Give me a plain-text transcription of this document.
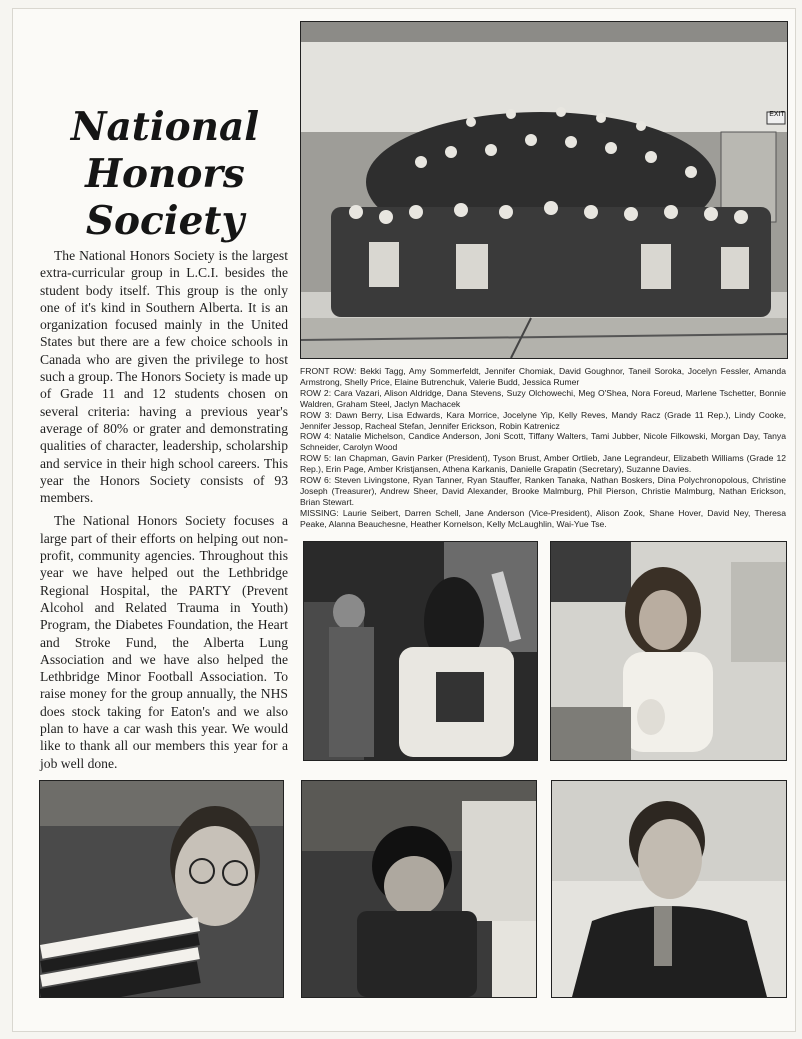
National
Honors
Society

The National Honors Society is the largest extra-curricular group in L.C.I. besides the student body itself. This group is the only one of it's kind in Southern Alberta. It is an organization focused mainly in the United States but there are a few choice schools in Canada who are given the privilege to host such a group. The Honors Society is made up of Grade 11 and 12 students chosen on several criteria: having a previous year's average of 80% or grater and demonstrating qualities of character, leadership, scholarship and service in their high school careers. This year the Honors Society consists of 93 members.

The National Honors Society focuses a large part of their efforts on helping out non-profit, community agencies. Throughout this year we have helped out the Lethbridge Regional Hospital, the PARTY (Prevent Alcohol and Related Trauma in Youth) Program, the Diabetes Foundation, the Heart and Stroke Fund, the Alberta Lung Association and we have also helped the Lethbridge Minor Football Association. To raise money for the group annually, the NHS does stock taking for Eaton's and we also plan to have a car wash this year. We would like to thank all our members this year for a job well done.

EXIT
FRONT ROW: Bekki Tagg, Amy Sommerfeldt, Jennifer Chomiak, David Goughnor, Taneil Soroka, Jocelyn Fessler, Amanda Armstrong, Shelly Price, Elaine Butrenchuk, Valerie Budd, Jessica Rumer
ROW 2: Cara Vazari, Alison Aldridge, Dana Stevens, Suzy Olchowechi, Meg O'Shea, Nora Foreud, Marlene Tschetter, Bonnie Waldren, Graham Steel, Jaclyn Machacek
ROW 3: Dawn Berry, Lisa Edwards, Kara Morrice, Jocelyne Yip, Kelly Reves, Mandy Racz (Grade 11 Rep.), Lindy Cooke, Jennifer Jessop, Racheal Stefan, Jennifer Erickson, Robin Katrenicz
ROW 4: Natalie Michelson, Candice Anderson, Joni Scott, Tiffany Walters, Tami Jubber, Nicole Filkowski, Morgan Day, Tanya Schneider, Carolyn Wood
ROW 5: Ian Chapman, Gavin Parker (President), Tyson Brust, Amber Ortlieb, Jane Legrandeur, Elizabeth Williams (Grade 12 Rep.), Erin Page, Amber Kristjansen, Athena Karkanis, Danielle Grapatin (Secretary), Suzanne Davies.
ROW 6: Steven Livingstone, Ryan Tanner, Ryan Stauffer, Ranken Tanaka, Nathan Boskers, Dina Polychronopolous, Christine Joseph (Treasurer), Andrew Sheer, David Alexander, Brooke Malmburg, Phil Pierson, Christie Malmburg, Nathan Erickson, Brian Stewart.
MISSING: Laurie Seibert, Darren Schell, Jane Anderson (Vice-President), Alison Zook, Shane Hover, David Ney, Theresa Peake, Alanna Beauchesne, Heather Kornelson, Kelly McLaughlin, Wai-Yue Tse.
